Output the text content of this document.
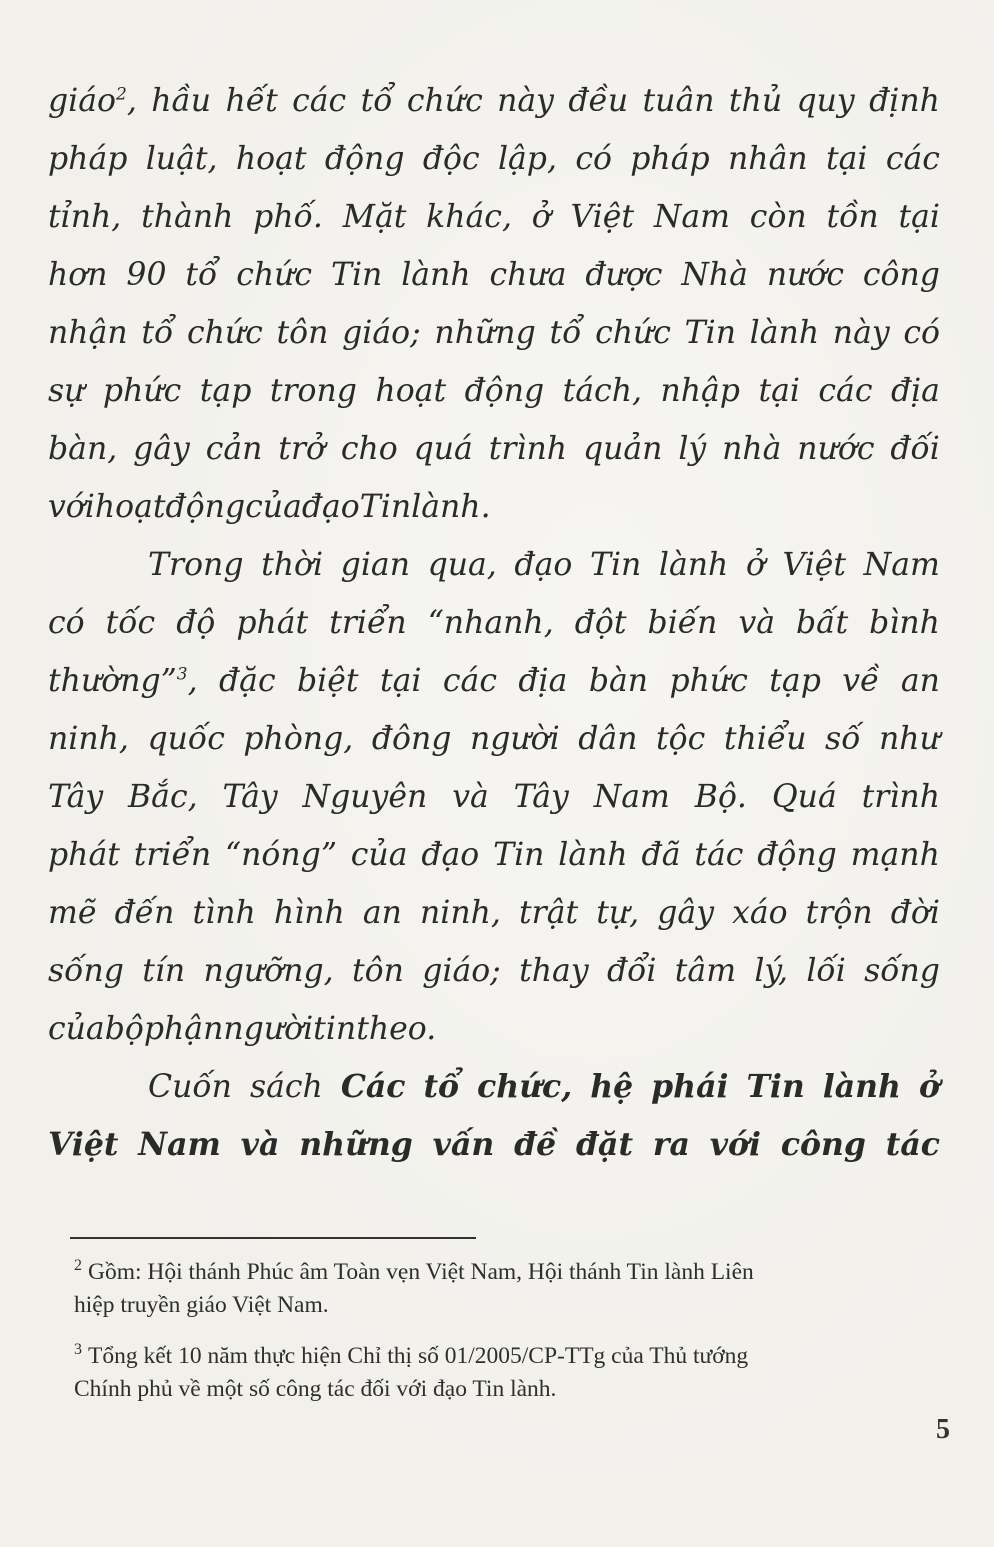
giáo$^2$, hầu hết các tổ chức này đều tuân thủ quy định
pháp luật, hoạt động độc lập, có pháp nhân tại các
tỉnh, thành phố. Mặt khác, ở Việt Nam còn tồn tại
hơn 90 tổ chức Tin lành chưa được Nhà nước công
nhận tổ chức tôn giáo; những tổ chức Tin lành này có
sự phức tạp trong hoạt động tách, nhập tại các địa
bàn, gây cản trở cho quá trình quản lý nhà nước đối
với hoạt động của đạo Tin lành.
Trong thời gian qua, đạo Tin lành ở Việt Nam
có tốc độ phát triển “nhanh, đột biến và bất bình
thường”$^3$, đặc biệt tại các địa bàn phức tạp về an
ninh, quốc phòng, đông người dân tộc thiểu số như
Tây Bắc, Tây Nguyên và Tây Nam Bộ. Quá trình
phát triển “nóng” của đạo Tin lành đã tác động mạnh
mẽ đến tình hình an ninh, trật tự, gây xáo trộn đời
sống tín ngưỡng, tôn giáo; thay đổi tâm lý, lối sống
của bộ phận người tin theo.
Cuốn sách Các tổ chức, hệ phái Tin lành ở
Việt Nam và những vấn đề đặt ra với công tác
$^2$ Gồm: Hội thánh Phúc âm Toàn vẹn Việt Nam, Hội thánh Tin lành Liên
hiệp truyền giáo Việt Nam.
$^3$ Tổng kết 10 năm thực hiện Chỉ thị số 01/2005/CP-TTg của Thủ tướng
Chính phủ về một số công tác đối với đạo Tin lành.
5
